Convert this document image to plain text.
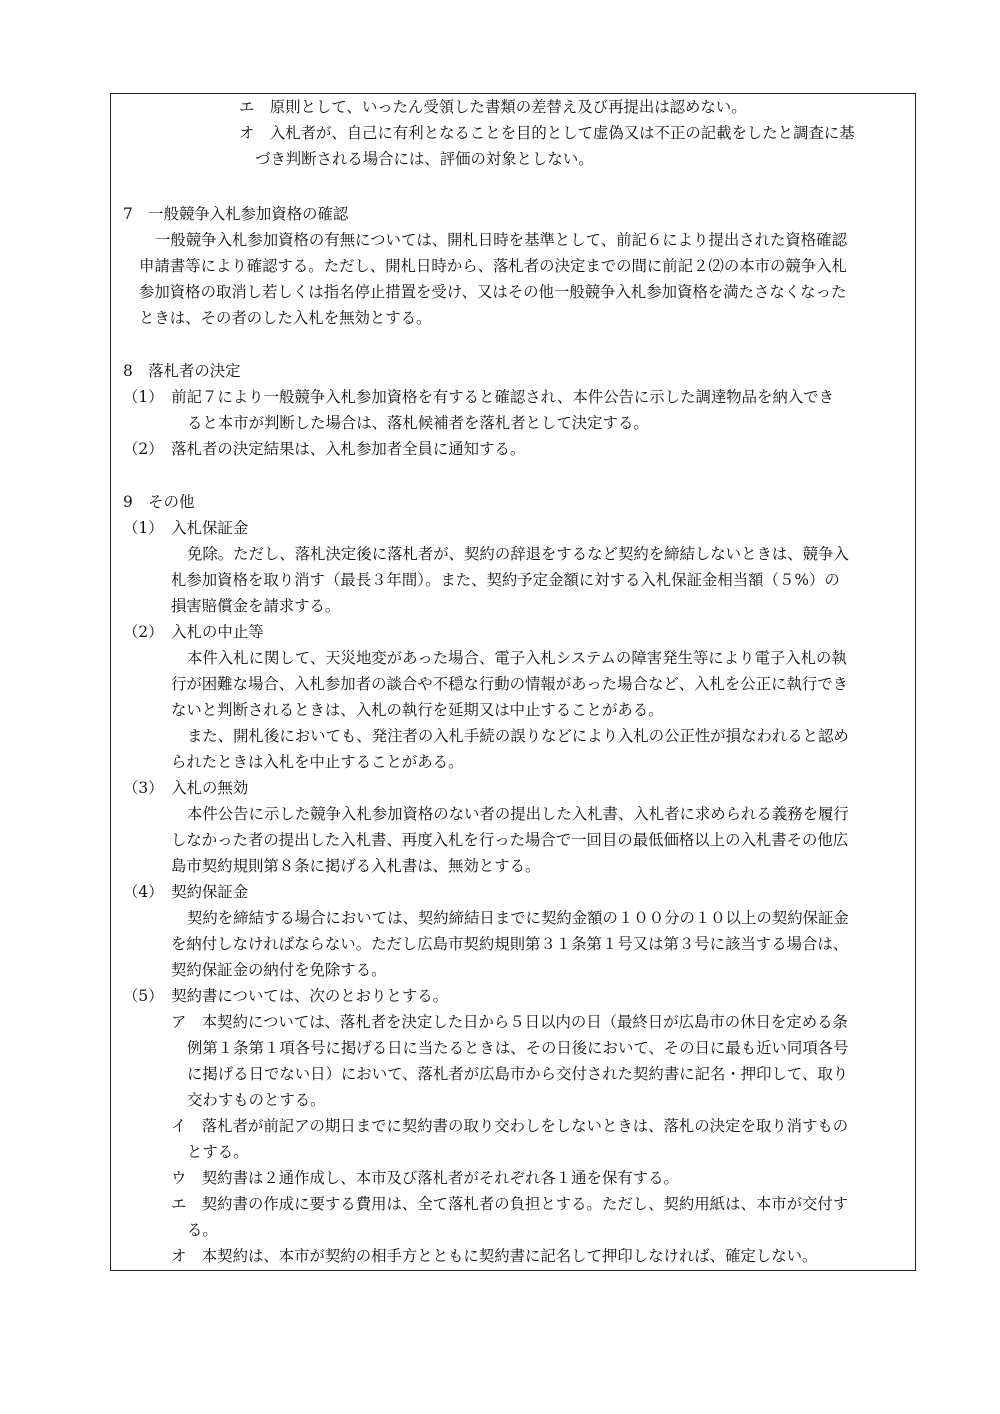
エ　原則として、いったん受領した書類の差替え及び再提出は認めない。
オ　入札者が、自己に有利となることを目的として虚偽又は不正の記載をしたと調査に基
づき判断される場合には、評価の対象としない。
7　一般競争入札参加資格の確認
一般競争入札参加資格の有無については、開札日時を基準として、前記６により提出された資格確認
申請書等により確認する。ただし、開札日時から、落札者の決定までの間に前記２⑵の本市の競争入札
参加資格の取消し若しくは指名停止措置を受け、又はその他一般競争入札参加資格を満たさなくなった
ときは、その者のした入札を無効とする。
8　落札者の決定
（1）　前記７により一般競争入札参加資格を有すると確認され、本件公告に示した調達物品を納入でき
ると本市が判断した場合は、落札候補者を落札者として決定する。
（2）　落札者の決定結果は、入札参加者全員に通知する。
9　その他
（1）　入札保証金
免除。ただし、落札決定後に落札者が、契約の辞退をするなど契約を締結しないときは、競争入
札参加資格を取り消す（最長３年間）。また、契約予定金額に対する入札保証金相当額（５%）の
損害賠償金を請求する。
（2）　入札の中止等
本件入札に関して、天災地変があった場合、電子入札システムの障害発生等により電子入札の執
行が困難な場合、入札参加者の談合や不穏な行動の情報があった場合など、入札を公正に執行でき
ないと判断されるときは、入札の執行を延期又は中止することがある。
また、開札後においても、発注者の入札手続の誤りなどにより入札の公正性が損なわれると認め
られたときは入札を中止することがある。
（3）　入札の無効
本件公告に示した競争入札参加資格のない者の提出した入札書、入札者に求められる義務を履行
しなかった者の提出した入札書、再度入札を行った場合で一回目の最低価格以上の入札書その他広
島市契約規則第８条に掲げる入札書は、無効とする。
（4）　契約保証金
契約を締結する場合においては、契約締結日までに契約金額の１００分の１０以上の契約保証金
を納付しなければならない。ただし広島市契約規則第３１条第１号又は第３号に該当する場合は、
契約保証金の納付を免除する。
（5）　契約書については、次のとおりとする。
ア　本契約については、落札者を決定した日から５日以内の日（最終日が広島市の休日を定める条
例第１条第１項各号に掲げる日に当たるときは、その日後において、その日に最も近い同項各号
に掲げる日でない日）において、落札者が広島市から交付された契約書に記名・押印して、取り
交わすものとする。
イ　落札者が前記アの期日までに契約書の取り交わしをしないときは、落札の決定を取り消すもの
とする。
ウ　契約書は２通作成し、本市及び落札者がそれぞれ各１通を保有する。
エ　契約書の作成に要する費用は、全て落札者の負担とする。ただし、契約用紙は、本市が交付す
る。
オ　本契約は、本市が契約の相手方とともに契約書に記名して押印しなければ、確定しない。
